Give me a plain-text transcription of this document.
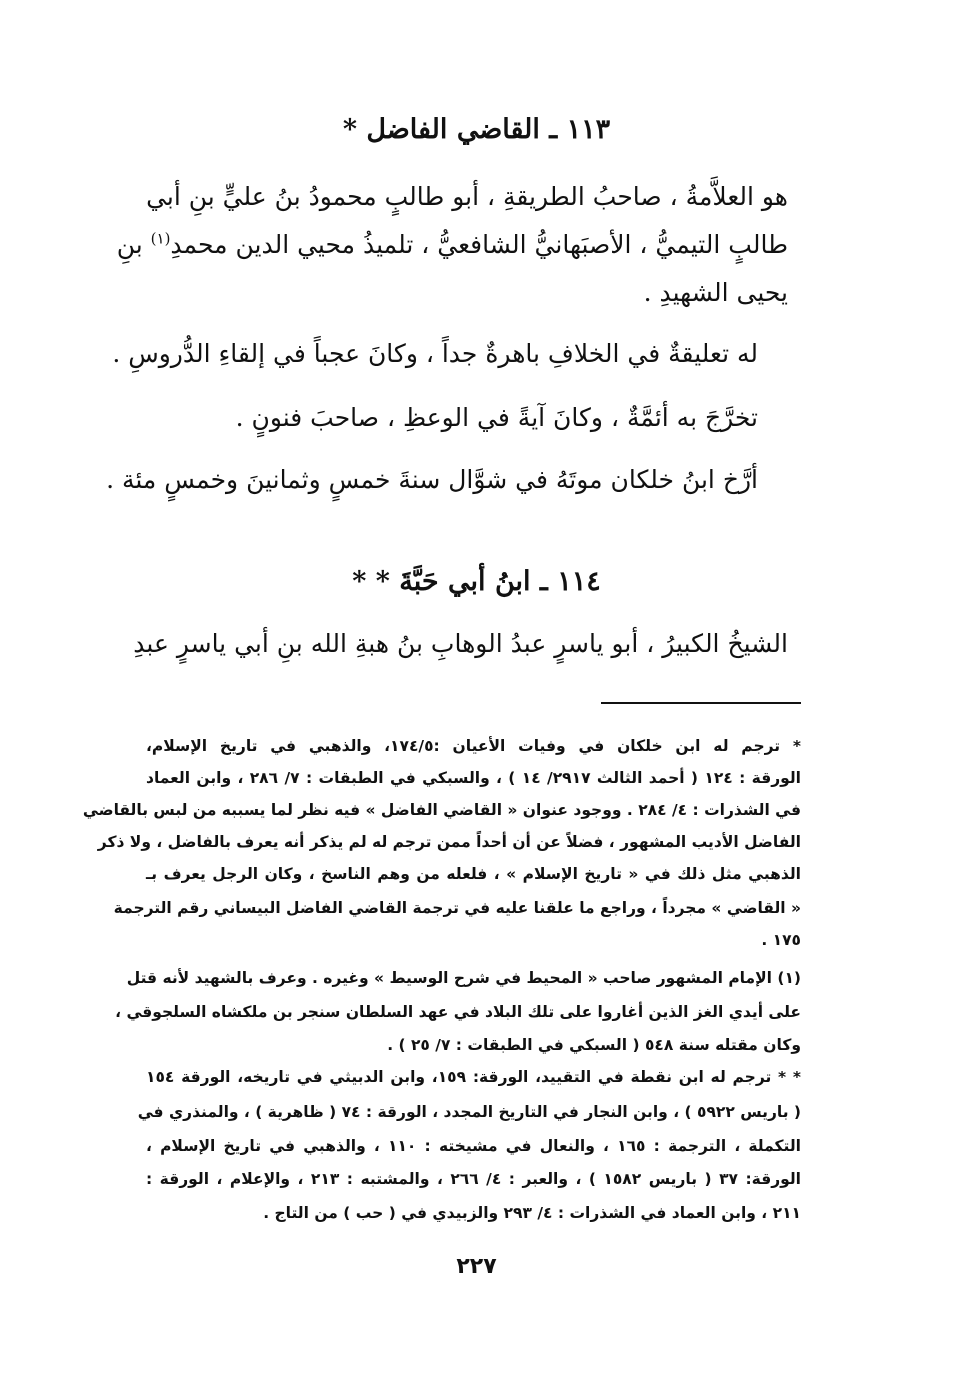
١١٣ ـ القاضي الفاضل *
هو العلاَّمةُ ، صاحبُ الطريقةِ ، أبو طالبٍ محمودُ بنُ عليٍّ بنِ أبي
طالبٍ التيميُّ ، الأصبَهانيُّ الشافعيُّ ، تلميذُ محيي الدين محمدِ$^{(١)}$ بنِ
يحيى الشهيدِ .
له تعليقةٌ في الخلافِ باهرةٌ جداً ، وكانَ عجباً في إلقاءِ الدُّروسِ .
تخرَّجَ به أئمَّةٌ ، وكانَ آيةً في الوعظِ ، صاحبَ فنونٍ .
أرَّخ ابنُ خلكان موتَهُ في شوَّال سنةَ خمسٍ وثمانينَ وخمسٍ مئة .
١١٤ ـ ابنُ أبي حَبَّةَ * *
الشيخُ الكبيرُ ، أبو ياسرٍ عبدُ الوهابِ بنُ هبةِ الله بنِ أبي ياسرٍ عبدِ
* ترجم له ابن خلكان في وفيات الأعيان :١٧٤/٥، والذهبي في تاريخ الإسلام،
الورقة : ١٢٤ ( أحمد الثالث ٢٩١٧/ ١٤ ) ، والسبكي في الطبقات : ٧/ ٢٨٦ ، وابن العماد
في الشذرات : ٤/ ٢٨٤ . ووجود عنوان « القاضي الفاضل » فيه نظر لما يسببه من لبس بالقاضي
الفاضل الأديب المشهور ، فضلاً عن أن أحداً ممن ترجم له لم يذكر أنه يعرف بالفاضل ، ولا ذكر
الذهبي مثل ذلك في « تاريخ الإسلام » ، فلعله من وهم الناسخ ، وكان الرجل يعرف بـ
« القاضي » مجرداً ، وراجع ما علقنا عليه في ترجمة القاضي الفاضل البيساني رقم الترجمة
١٧٥ .
(١) الإمام المشهور صاحب « المحيط في شرح الوسيط » وغيره . وعرف بالشهيد لأنه قتل
على أيدي الغز الذين أغاروا على تلك البلاد في عهد السلطان سنجر بن ملكشاه السلجوقي ،
وكان مقتله سنة ٥٤٨ ( السبكي في الطبقات : ٧/ ٢٥ ) .
* * ترجم له ابن نقطة في التقييد، الورقة: ١٥٩، وابن الدبيثي في تاريخه، الورقة ١٥٤
( باريس ٥٩٢٢ ) ، وابن النجار في التاريخ المجدد ، الورقة : ٧٤ ( ظاهرية ) ، والمنذري في
التكملة ، الترجمة : ١٦٥ ، والنعال في مشيخته : ١١٠ ، والذهبي في تاريخ الإسلام ،
الورقة: ٣٧ ( باريس ١٥٨٢ ) ، والعبر : ٤/ ٢٦٦ ، والمشتبه : ٢١٣ ، والإعلام ، الورقة :
٢١١ ، وابن العماد في الشذرات : ٤/ ٢٩٣ والزبيدي في ( حب ) من التاج .
٢٢٧
